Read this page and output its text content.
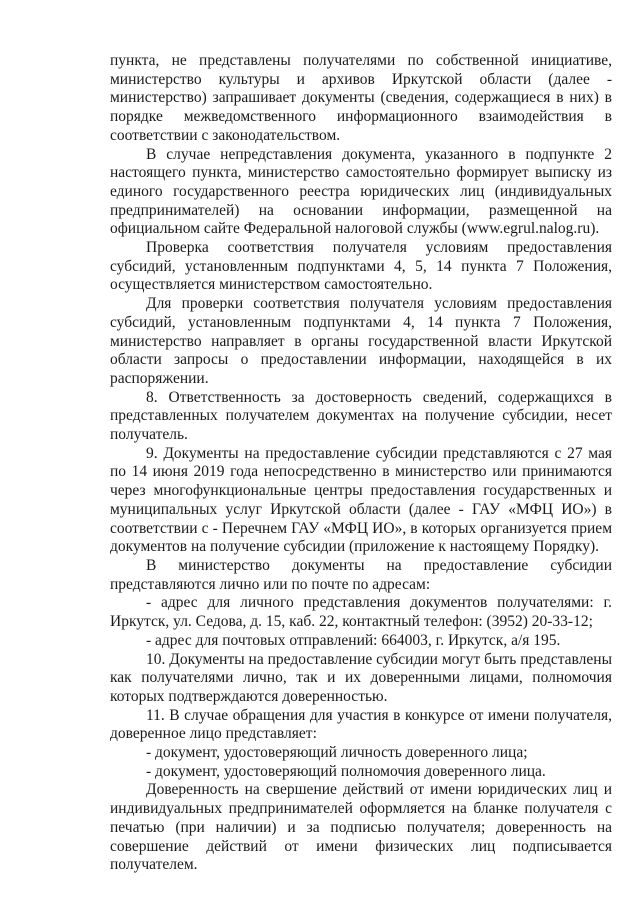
пункта, не представлены получателями по собственной инициативе, министерство культуры и архивов Иркутской области (далее - министерство) запрашивает документы (сведения, содержащиеся в них) в порядке межведомственного информационного взаимодействия в соответствии с законодательством.

В случае непредставления документа, указанного в подпункте 2 настоящего пункта, министерство самостоятельно формирует выписку из единого государственного реестра юридических лиц (индивидуальных предпринимателей) на основании информации, размещенной на официальном сайте Федеральной налоговой службы (www.egrul.nalog.ru).

Проверка соответствия получателя условиям предоставления субсидий, установленным подпунктами 4, 5, 14 пункта 7 Положения, осуществляется министерством самостоятельно.

Для проверки соответствия получателя условиям предоставления субсидий, установленным подпунктами 4, 14 пункта 7 Положения, министерство направляет в органы государственной власти Иркутской области запросы о предоставлении информации, находящейся в их распоряжении.

8. Ответственность за достоверность сведений, содержащихся в представленных получателем документах на получение субсидии, несет получатель.

9. Документы на предоставление субсидии представляются с 27 мая по 14 июня 2019 года непосредственно в министерство или принимаются через многофункциональные центры предоставления государственных и муниципальных услуг Иркутской области (далее - ГАУ «МФЦ ИО») в соответствии с - Перечнем ГАУ «МФЦ ИО», в которых организуется прием документов на получение субсидии (приложение к настоящему Порядку).

В министерство документы на предоставление субсидии представляются лично или по почте по адресам:

- адрес для личного представления документов получателями: г. Иркутск, ул. Седова, д. 15, каб. 22, контактный телефон: (3952) 20-33-12;

- адрес для почтовых отправлений: 664003, г. Иркутск, а/я 195.

10. Документы на предоставление субсидии могут быть представлены как получателями лично, так и их доверенными лицами, полномочия которых подтверждаются доверенностью.

11. В случае обращения для участия в конкурсе от имени получателя, доверенное лицо представляет:

- документ, удостоверяющий личность доверенного лица;

- документ, удостоверяющий полномочия доверенного лица.

Доверенность на свершение действий от имени юридических лиц и индивидуальных предпринимателей оформляется на бланке получателя с печатью (при наличии) и за подписью получателя; доверенность на совершение действий от имени физических лиц подписывается получателем.
